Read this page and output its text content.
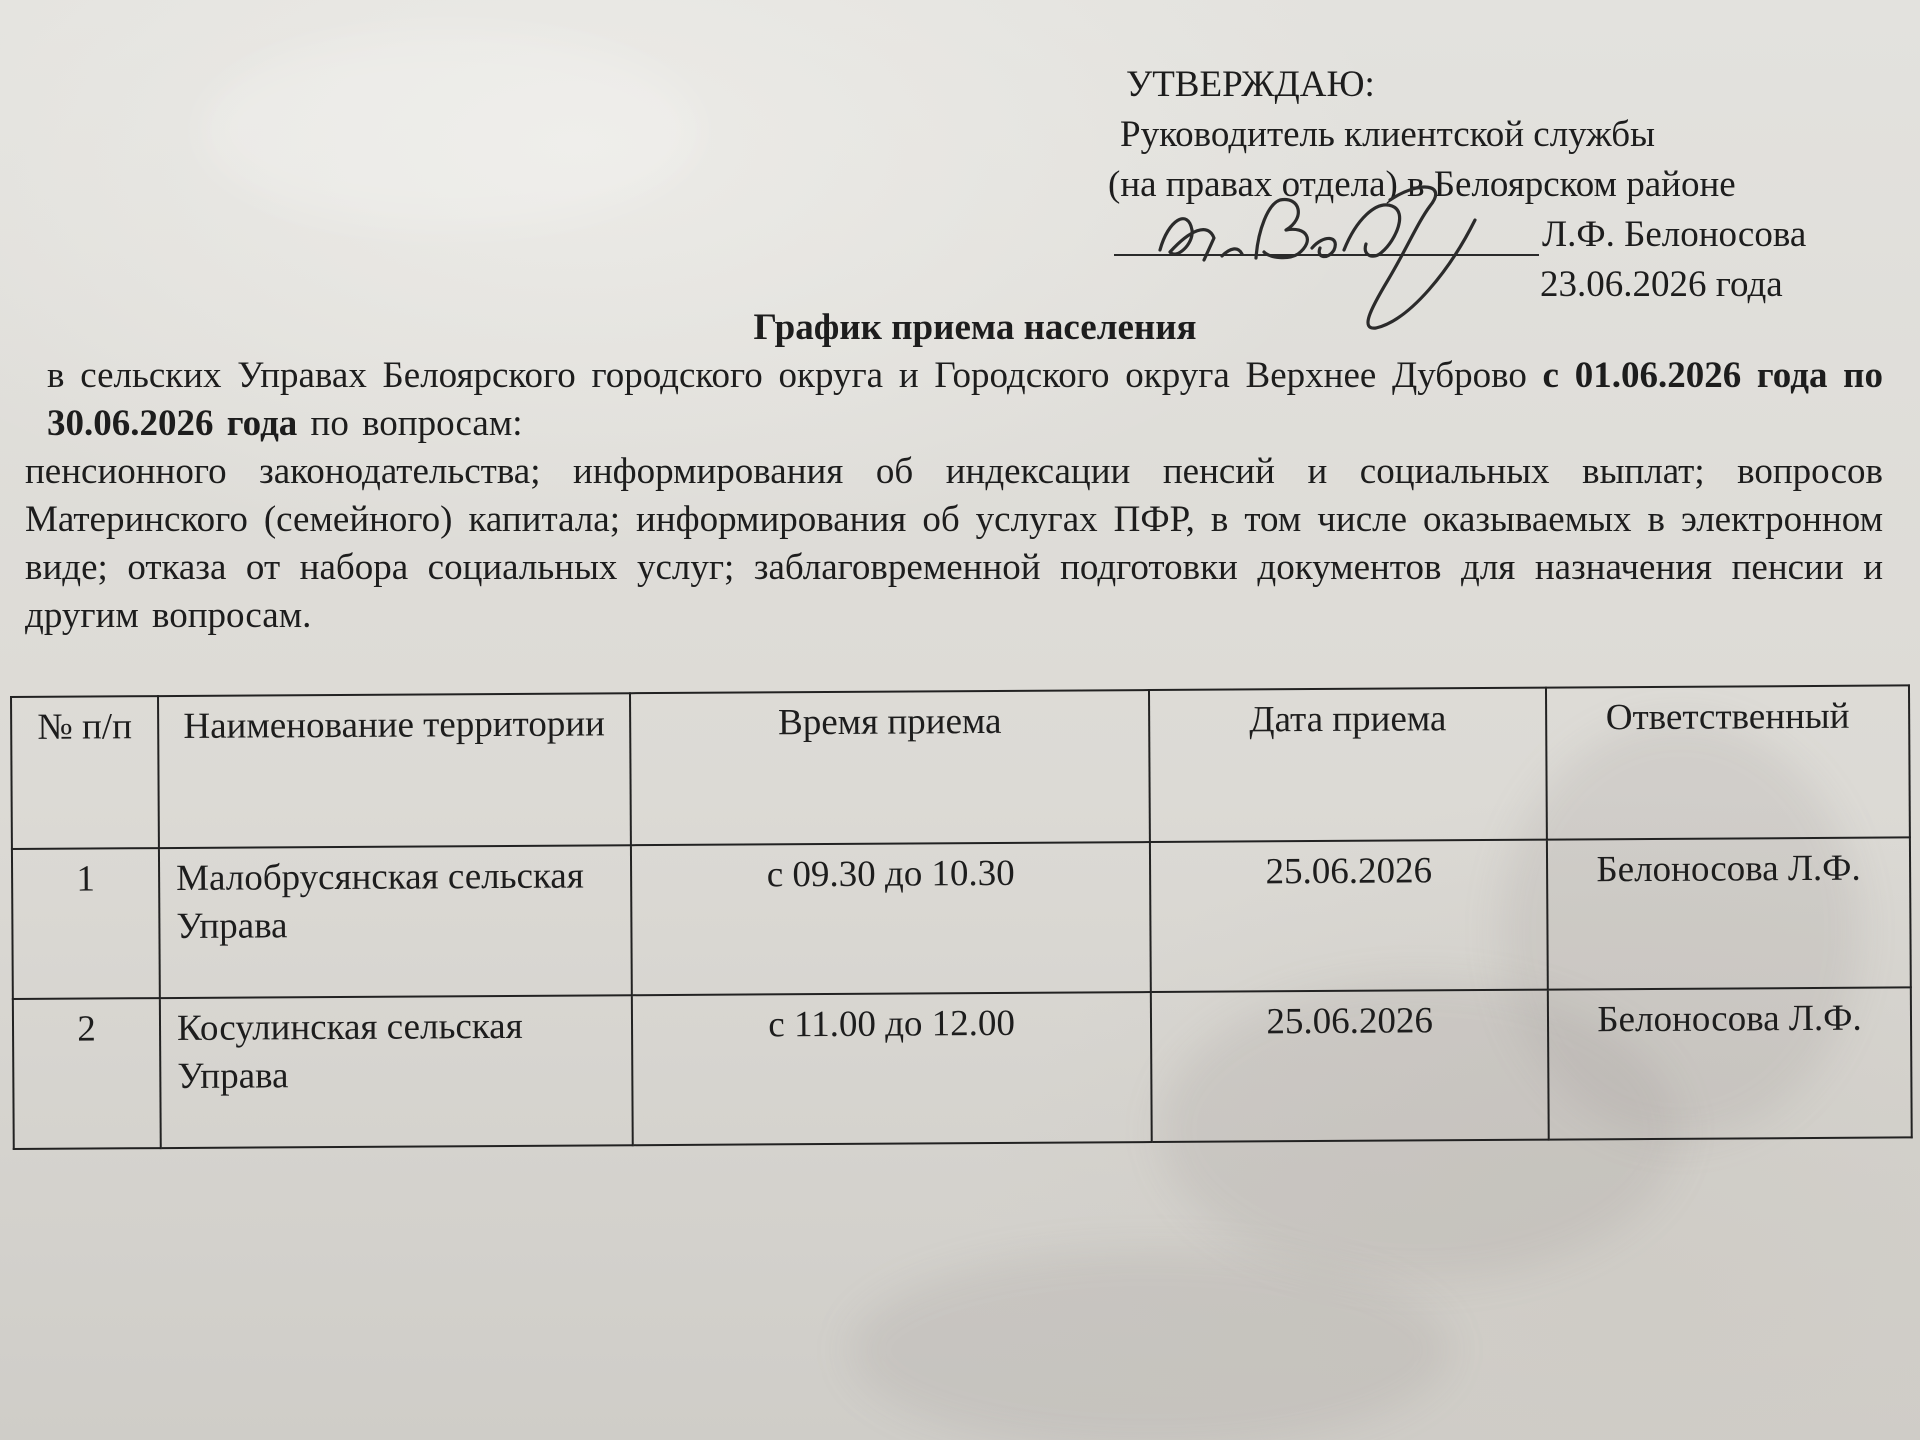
УТВЕРЖДАЮ:
Руководитель клиентской службы
(на правах отдела) в Белоярском районе
Л.Ф. Белоносова
23.06.2026 года
График приема населения

в сельских Управах Белоярского городского округа и Городского округа Верхнее Дуброво с 01.06.2026 года по 30.06.2026 года по вопросам:

пенсионного законодательства; информирования об индексации пенсий и социальных выплат; вопросов Материнского (семейного) капитала; информирования об услугах ПФР, в том числе оказываемых в электронном виде; отказа от набора социальных услуг; заблаговременной подготовки документов для назначения пенсии и другим вопросам.

№ п/п	Наименование территории	Время приема	Дата приема	Ответственный
1	Малобрусянская сельская Управа	с 09.30 до 10.30	25.06.2026	Белоносова Л.Ф.
2	Косулинская сельская Управа	с 11.00 до 12.00	25.06.2026	Белоносова Л.Ф.
